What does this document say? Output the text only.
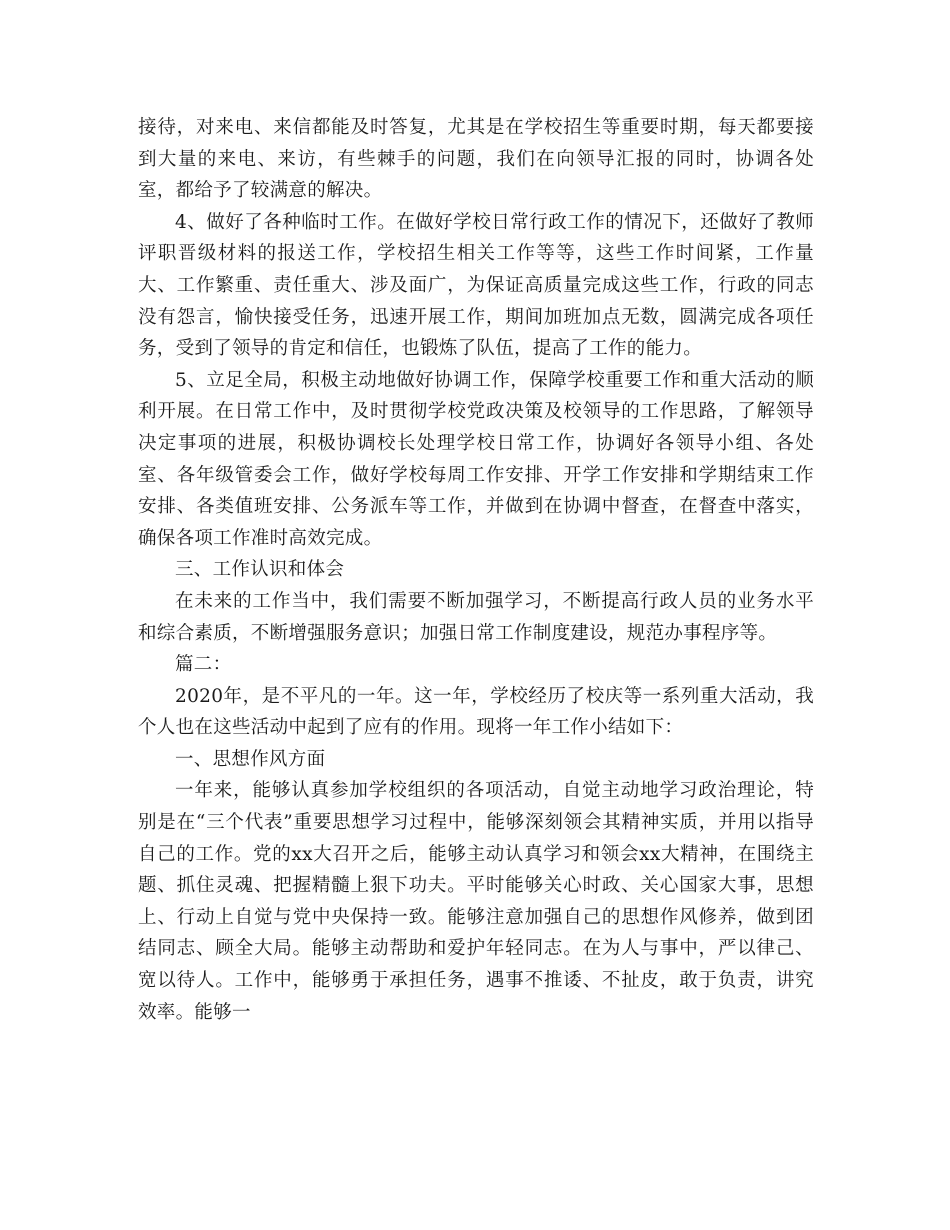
接待，对来电、来信都能及时答复，尤其是在学校招生等重要时期，每天都要接到大量的来电、来访，有些棘手的问题，我们在向领导汇报的同时，协调各处室，都给予了较满意的解决。

4、做好了各种临时工作。在做好学校日常行政工作的情况下，还做好了教师评职晋级材料的报送工作，学校招生相关工作等等，这些工作时间紧，工作量大、工作繁重、责任重大、涉及面广，为保证高质量完成这些工作，行政的同志没有怨言，愉快接受任务，迅速开展工作，期间加班加点无数，圆满完成各项任务，受到了领导的肯定和信任，也锻炼了队伍，提高了工作的能力。

5、立足全局，积极主动地做好协调工作，保障学校重要工作和重大活动的顺利开展。在日常工作中，及时贯彻学校党政决策及校领导的工作思路，了解领导决定事项的进展，积极协调校长处理学校日常工作，协调好各领导小组、各处室、各年级管委会工作，做好学校每周工作安排、开学工作安排和学期结束工作安排、各类值班安排、公务派车等工作，并做到在协调中督查，在督查中落实，确保各项工作准时高效完成。

三、工作认识和体会

在未来的工作当中，我们需要不断加强学习，不断提高行政人员的业务水平和综合素质，不断增强服务意识；加强日常工作制度建设，规范办事程序等。

篇二：

2020年，是不平凡的一年。这一年，学校经历了校庆等一系列重大活动，我个人也在这些活动中起到了应有的作用。现将一年工作小结如下：

一、思想作风方面

一年来，能够认真参加学校组织的各项活动，自觉主动地学习政治理论，特别是在“三个代表”重要思想学习过程中，能够深刻领会其精神实质，并用以指导自己的工作。党的xx大召开之后，能够主动认真学习和领会xx大精神，在围绕主题、抓住灵魂、把握精髓上狠下功夫。平时能够关心时政、关心国家大事，思想上、行动上自觉与党中央保持一致。能够注意加强自己的思想作风修养，做到团结同志、顾全大局。能够主动帮助和爱护年轻同志。在为人与事中，严以律己、宽以待人。工作中，能够勇于承担任务，遇事不推诿、不扯皮，敢于负责，讲究效率。能够一
